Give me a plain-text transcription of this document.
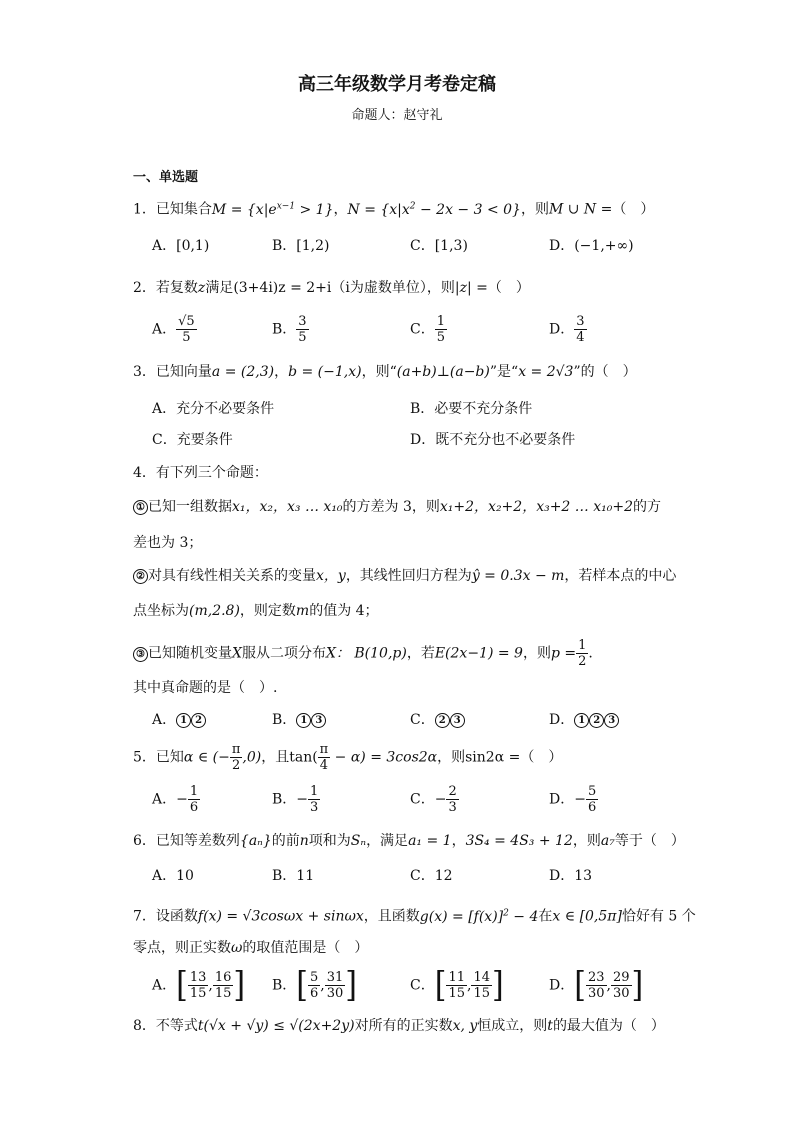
高三年级数学月考卷定稿
命题人：赵守礼
一、单选题
1．已知集合$M = \{x|e^{x-1} > 1\}$，$N = \{x|x^2 - 2x - 3 < 0\}$，则M ∪ N =（　）
A．[0,1)	B．[1,2)	C．[1,3)	D．(−1,+∞)
2．若复数z满足(3+4i)z = 2+i（i为虚数单位），则|z| =（　）
A． $\frac{√5}{5}$	B． $\frac{3}{5}$	C． $\frac{1}{5}$	D． $\frac{3}{4}$
3．已知向量a = (2,3)，b = (−1,x)，则“(a+b)⊥(a−b)”是“x = 2√3”的（　）
A．充分不必要条件	B．必要不充分条件
C．充要条件	D．既不充分也不必要条件
4．有下列三个命题：
① 已知一组数据x₁，x₂，x₃ … x₁₀的方差为 3，则x₁+2，x₂+2，x₃+2 … x₁₀+2的方
差也为 3；
② 对具有线性相关关系的变量x，y，其线性回归方程为ŷ = 0.3x − m，若样本点的中心
点坐标为(m,2.8)，则定数m的值为 4；
③ 已知随机变量X服从二项分布X： B(10,p)，若E(2x−1) = 9，则$p = \frac{1}{2}$ .
其中真命题的是（　）.
A． 1 2	B． 1 3	C． 2 3	D． 1 2 3
5．已知α ∈ (− $\frac{\pi}{2} ,0$)，且$\tan( \frac{\pi}{4} - \alpha) = 3\cos 2\alpha$，则sin2α =（　）
A．− $\frac{1}{6}$	B．− $\frac{1}{3}$	C．− $\frac{2}{3}$	D．− $\frac{5}{6}$
6．已知等差数列{aₙ}的前n项和为Sₙ，满足a₁ = 1，3S₄ = 4S₃ + 12，则a₇等于（　）
A．10	B．11	C．12	D．13
7．设函数f(x) = √3cosωx + sinωx，且函数$g(x) = [f(x)]^2 - 4$在x ∈ [0,5π]恰好有 5 个
零点，则正实数ω的取值范围是（　）
A．[ $\frac{13}{15}$ , $\frac{16}{15}$ ] B．[ $\frac{5}{6}$ , $\frac{31}{30}$ ]	C．[ $\frac{11}{15}$ , $\frac{14}{15}$ ]	D．[ $\frac{23}{30}$ , $\frac{29}{30}$ ]
8．不等式t(√x + √y) ≤ √(2x+2y)对所有的正实数x, y恒成立，则t的最大值为（　）
